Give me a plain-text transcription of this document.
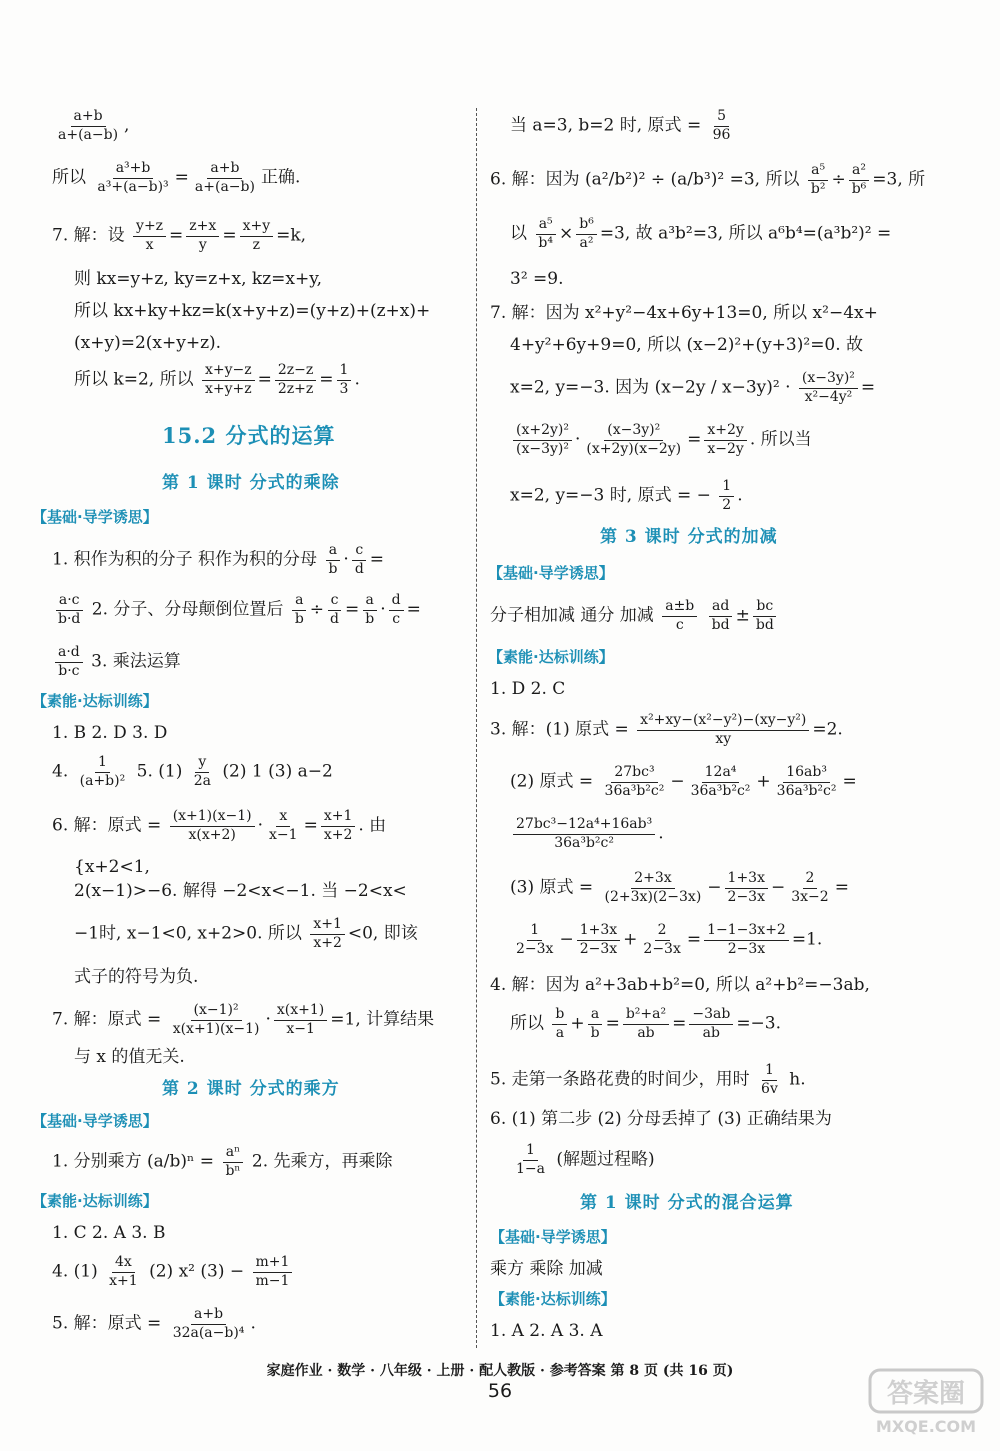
$\frac{a+b}{a+(a-b)}$ ,
所以 $\frac{\text{a³+b}}{\text{a³+(a−b)³}} = \frac{a+b}{a+(a-b)}$ 正确.
7. 解：设 $\frac{y+z}{x} = \frac{z+x}{y} = \frac{x+y}{z} =k$,
则 kx=y+z, ky=z+x, kz=x+y,
所以 kx+ky+kz=k(x+y+z)=(y+z)+(z+x)+
(x+y)=2(x+y+z).
所以 k=2, 所以 $\frac{x+y-z}{x+y+z} = \frac{2z-z}{2z+z} = \frac{1}{3}$ .
15.2 分式的运算
第 1 课时 分式的乘除
【基础·导学诱思】
1. 积作为积的分子 积作为积的分母 $\frac{a}{b} \cdot \frac{c}{d}$ =
$\frac{a\cdot c}{b\cdot d} 2$. 分子、分母颠倒位置后 $\frac{a}{b} \div \frac{c}{d} = \frac{a}{b} \cdot \frac{d}{c}$ =
$\frac{a\cdot d}{b\cdot c} 3$. 乘法运算
【素能·达标训练】
1. B 2. D 3. D
4. $\frac{1}{\text{(a+b)²}} 5$. $(1) \frac{y}{2a} (2)$ 1 (3) a−2
6. 解：原式 = $\frac{(x+1)(x-1)}{x(x+2)} \cdot \frac{x}{x-1} = \frac{x+1}{x+2}$ . 由
{x+2<1,
2(x−1)>−6. 解得 −2<x<−1. 当 −2<x<
−1时, x−1<0, x+2>0. 所以 $\frac{x+1}{x+2} <0$, 即该
式子的符号为负.
7. 解：原式 = $\frac{\text{(x−1)²}}{x(x+1)(x-1)} \cdot \frac{x(x+1)}{x-1} =1$, 计算结果
与 x 的值无关.
第 2 课时 分式的乘方
【基础·导学诱思】
1. 分别乘方 $(a/b)^n = \frac{\text{aⁿ}}{\text{bⁿ}} 2$. 先乘方，再乘除
【素能·达标训练】
1. C 2. A 3. B
4. $(1) \frac{4x}{x+1} (2)$ x² $(3) - \frac{m+1}{m-1}$
5. 解：原式 = $\frac{a+b}{\text{32a(a−b)⁴}}$ .
当 a=3, b=2 时, 原式 = $\frac{5}{96}$
6. 解：因为 (a²/b²)² ÷ (a/b³)² =3, 所以 $\frac{\text{a⁵}}{\text{b²}} \div \frac{\text{a²}}{\text{b⁶}} =3$, 所
以 $\frac{\text{a⁵}}{\text{b⁴}} \times \frac{\text{b⁶}}{\text{a²}} =3$, 故 a³b²=3, 所以 a⁶b⁴=(a³b²)² =
3² =9.
7. 解：因为 x²+y²−4x+6y+13=0, 所以 x²−4x+
4+y²+6y+9=0, 所以 (x−2)²+(y+3)²=0. 故
x=2, y=−3. 因为 $(x-2y / x-3y)^2 \cdot \frac{\text{(x−3y)²}}{\text{x²−4y²}}$ =
$\frac{\text{(x+2y)²}}{\text{(x−3y)²}} \cdot \frac{\text{(x−3y)²}}{(x+2y)(x-2y)} = \frac{x+2y}{x-2y}$ . 所以当
x=2, y=−3 时, 原式 = − $\frac{1}{2}$ .
第 3 课时 分式的加减
【基础·导学诱思】
分子相加减 通分 加减 $\frac{a\pm b}{c}$
$\frac{ad}{bd} \pm \frac{bc}{bd}$
【素能·达标训练】
1. D 2. C
3. 解：(1) 原式 = $\frac{\text{x²+xy−(x²−y²)−(xy−y²)}}{xy} =2$.
(2) 原式 = $\frac{\text{27bc³}}{\text{36a³b²c²}} - \frac{\text{12a⁴}}{\text{36a³b²c²}} + \frac{\text{16ab³}}{\text{36a³b²c²}}$ =
$\frac{\text{27bc³−12a⁴+16ab³}}{\text{36a³b²c²}}$ .
(3) 原式 = $\frac{2+3x}{(2+3x)(2-3x)} - \frac{1+3x}{2-3x} - \frac{2}{3x-2}$ =
$\frac{1}{2-3x} - \frac{1+3x}{2-3x} + \frac{2}{2-3x} = \frac{1-1-3x+2}{2-3x} =1$.
4. 解：因为 a²+3ab+b²=0, 所以 a²+b²=−3ab,
所以 $\frac{b}{a} + \frac{a}{b} = \frac{\text{b²+a²}}{ab} = \frac{-3ab}{ab} =-3$.
5. 走第一条路花费的时间少，用时 $\frac{1}{6v} h$.
6. (1) 第二步 (2) 分母丢掉了 (3) 正确结果为
$\frac{1}{1-a}$ (解题过程略)
第 1 课时 分式的混合运算
【基础·导学诱思】
乘方 乘除 加减
【素能·达标训练】
1. A 2. A 3. A
家庭作业 · 数学 · 八年级 · 上册 · 配人教版 · 参考答案 第 8 页 (共 16 页)
56	答案圈
MXQE.COM
